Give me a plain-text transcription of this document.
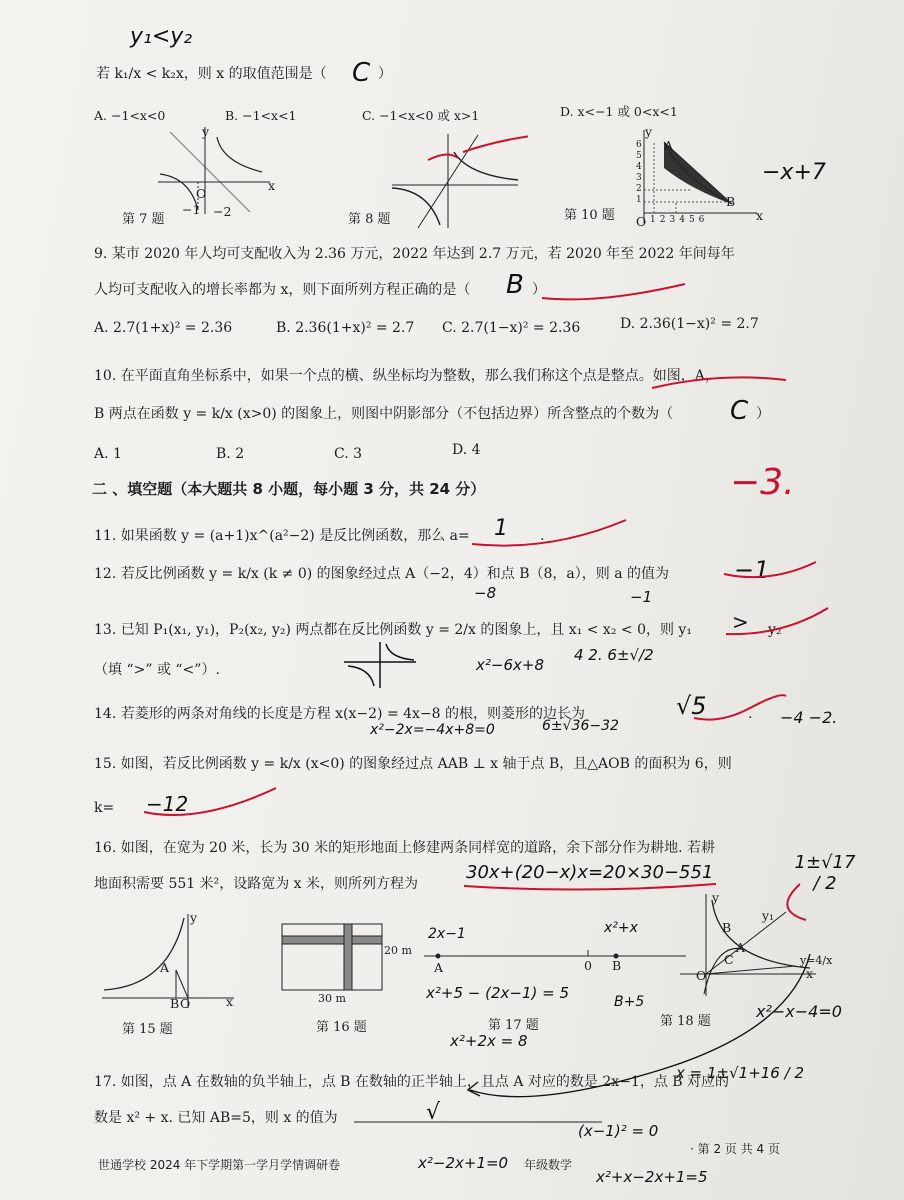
y₁<y₂
若 k₁/x < k₂x，则 x 的取值范围是（ C ）
A. −1<x<0	B. −1<x<1	C. −1<x<0 或 x>1	D. x<−1 或 0<x<1
x
y
O
−1 −2
第 7 题	第 8 题
y
A
B
x
O 123456
6 5 4 3 2 1
第 10 题
−x+7
9. 某市 2020 年人均可支配收入为 2.36 万元，2022 年达到 2.7 万元，若 2020 年至 2022 年间每年
人均可支配收入的增长率都为 x，则下面所列方程正确的是（ B ）
A. 2.7(1+x)² = 2.36	B. 2.36(1+x)² = 2.7 C. 2.7(1−x)² = 2.36	D. 2.36(1−x)² = 2.7
10. 在平面直角坐标系中，如果一个点的横、纵坐标均为整数，那么我们称这个点是整点。如图，A，
B 两点在函数 y = k/x (x>0) 的图象上，则图中阴影部分（不包括边界）所含整点的个数为（ C ）
A. 1	B. 2	C. 3	D. 4
二 、填空题（本大题共 8 小题，每小题 3 分，共 24 分）	−3.
11. 如果函数 y = (a+1)x^(a²−2) 是反比例函数，那么 a= 1 .
12. 若反比例函数 y = k/x (k ≠ 0) 的图象经过点 A（−2，4）和点 B（8，a），则 a 的值为	−1
−8	−1
13. 已知 P₁(x₁, y₁)，P₂(x₂, y₂) 两点都在反比例函数 y = 2/x 的图象上，且 x₁ < x₂ < 0，则 y₁ > y₂
（填 “>” 或 “<”）.	x²−6x+8
4 2. 6±√/2
14. 若菱形的两条对角线的长度是方程 x(x−2) = 4x−8 的根，则菱形的边长为	√5	.
x²−2x=−4x+8=0	6±√36−32	−4 −2.
15. 如图，若反比例函数 y = k/x (x<0) 的图象经过点 AAB ⊥ x 轴于点 B，且△AOB 的面积为 6，则
k= −12
16. 如图，在宽为 20 米，长为 30 米的矩形地面上修建两条同样宽的道路，余下部分作为耕地. 若耕
地面积需要 551 米²，设路宽为 x 米，则所列方程为
30x+(20−x)x=20×30−551	1±√17 / 2
y
A
B O	x
第 15 题
20 m
30 m
第 16 题
2x−1	x²+x
A	0 B
第 17 题
y
y₁
B
A
C
O
y=4/x
x
第 18 题
x²+5 − (2x−1) = 5
x²+2x = 8
B+5	x²−x−4=0
x = 1±√1+16 / 2
17. 如图，点 A 在数轴的负半轴上，点 B 在数轴的正半轴上，且点 A 对应的数是 2x−1，点 B 对应的
数是 x² + x. 已知 AB=5，则 x 的值为	√
(x−1)² = 0
世通学校 2024 年下学期第一学月学情调研卷	x²−2x+1=0 年级数学
· 第 2 页 共 4 页
x²+x−2x+1=5
